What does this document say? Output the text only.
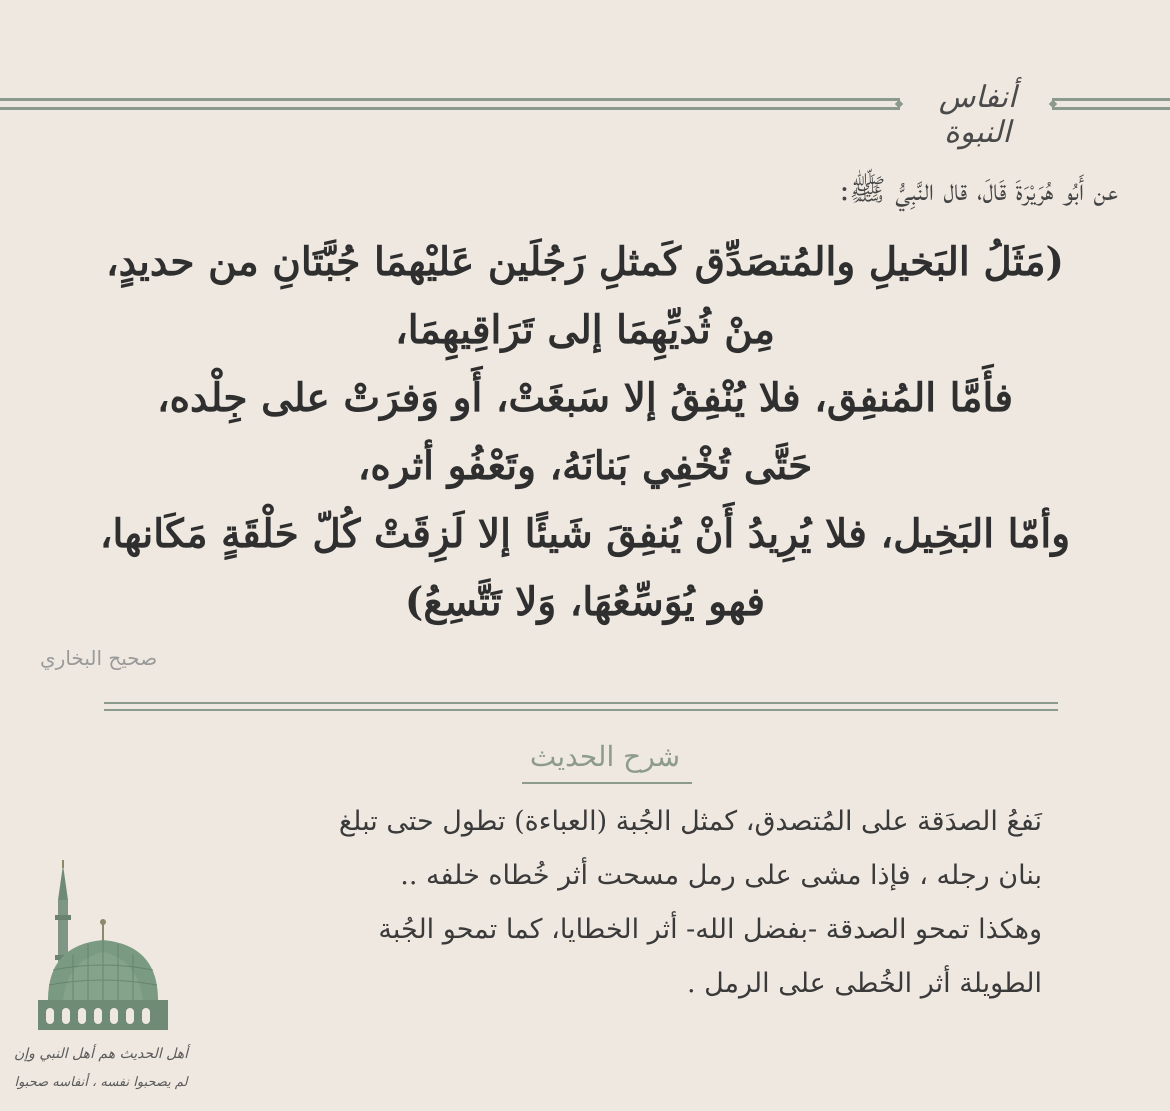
أنفاس النبوة
عن أَبُو هُرَيْرَةَ قَالَ، قال النَّبِيُّ ﷺ:
(مَثَلُ البَخيلِ والمُتصَدِّق كَمثلِ رَجُلَين عَليْهمَا جُبَّتَانِ من حديدٍ،
مِنْ ثُديِّهِمَا إلى تَرَاقِيهِمَا،
فأَمَّا المُنفِق، فلا يُنْفِقُ إلا سَبغَتْ، أَو وَفرَتْ على جِلْده،
حَتَّى تُخْفِي بَنانَهُ، وتَعْفُو أثره،
وأمّا البَخِيل، فلا يُرِيدُ أَنْ يُنفِقَ شَيئًا إلا لَزِقَتْ كُلّ حَلْقَةٍ مَكَانها،
فهو يُوَسِّعُهَا، وَلا تَتَّسِعُ)
صحيح البخاري
شرح الحديث
نَفعُ الصدَقة على المُتصدق، كمثل الجُبة (العباءة) تطول حتى تبلغ
بنان رجله ، فإذا مشى على رمل مسحت أثر خُطاه خلفه ..
وهكذا تمحو الصدقة -بفضل الله- أثر الخطايا، كما تمحو الجُبة
الطويلة أثر الخُطى على الرمل .
أهل الحديث هم أهل النبي وإن
لم يصحبوا نفسه ، أنفاسه صحبوا
